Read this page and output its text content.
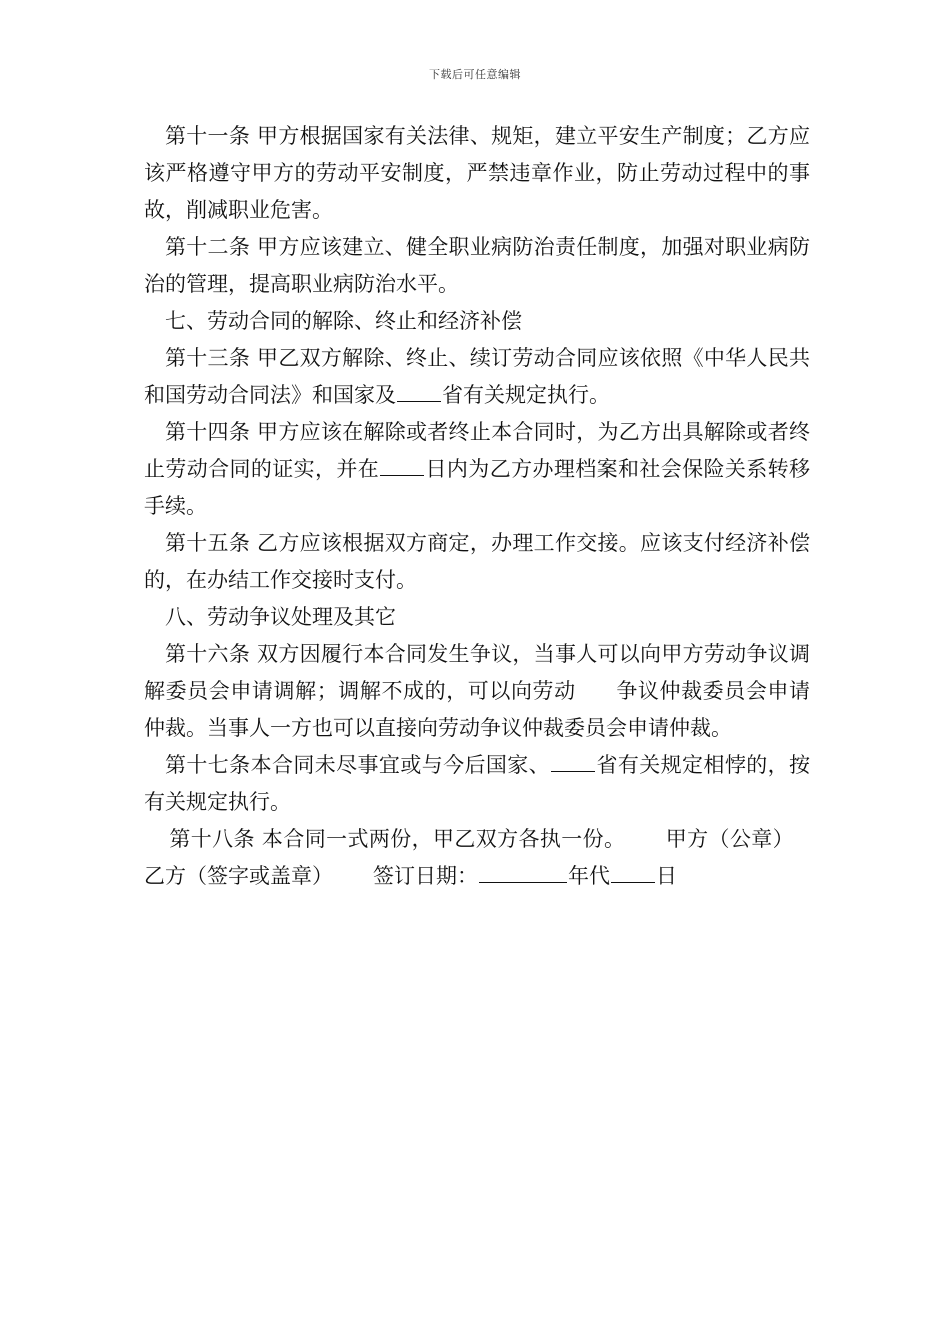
下载后可任意编辑

第十一条 甲方根据国家有关法律、规矩，建立平安生产制度；乙方应该严格遵守甲方的劳动平安制度，严禁违章作业，防止劳动过程中的事故，削减职业危害。

第十二条 甲方应该建立、健全职业病防治责任制度，加强对职业病防治的管理，提高职业病防治水平。

七、劳动合同的解除、终止和经济补偿

第十三条 甲乙双方解除、终止、续订劳动合同应该依照《中华人民共和国劳动合同法》和国家及 省有关规定执行。

第十四条 甲方应该在解除或者终止本合同时，为乙方出具解除或者终止劳动合同的证实，并在 日内为乙方办理档案和社会保险关系转移手续。

第十五条 乙方应该根据双方商定，办理工作交接。应该支付经济补偿的，在办结工作交接时支付。

八、劳动争议处理及其它

第十六条 双方因履行本合同发生争议，当事人可以向甲方劳动争议调解委员会申请调解；调解不成的，可以向劳动 争议仲裁委员会申请仲裁。当事人一方也可以直接向劳动争议仲裁委员会申请仲裁。

第十七条本合同未尽事宜或与今后国家、 省有关规定相悖的，按有关规定执行。

第十八条 本合同一式两份，甲乙双方各执一份。 甲方（公章）乙方（签字或盖章） 签订日期：	年代 日
